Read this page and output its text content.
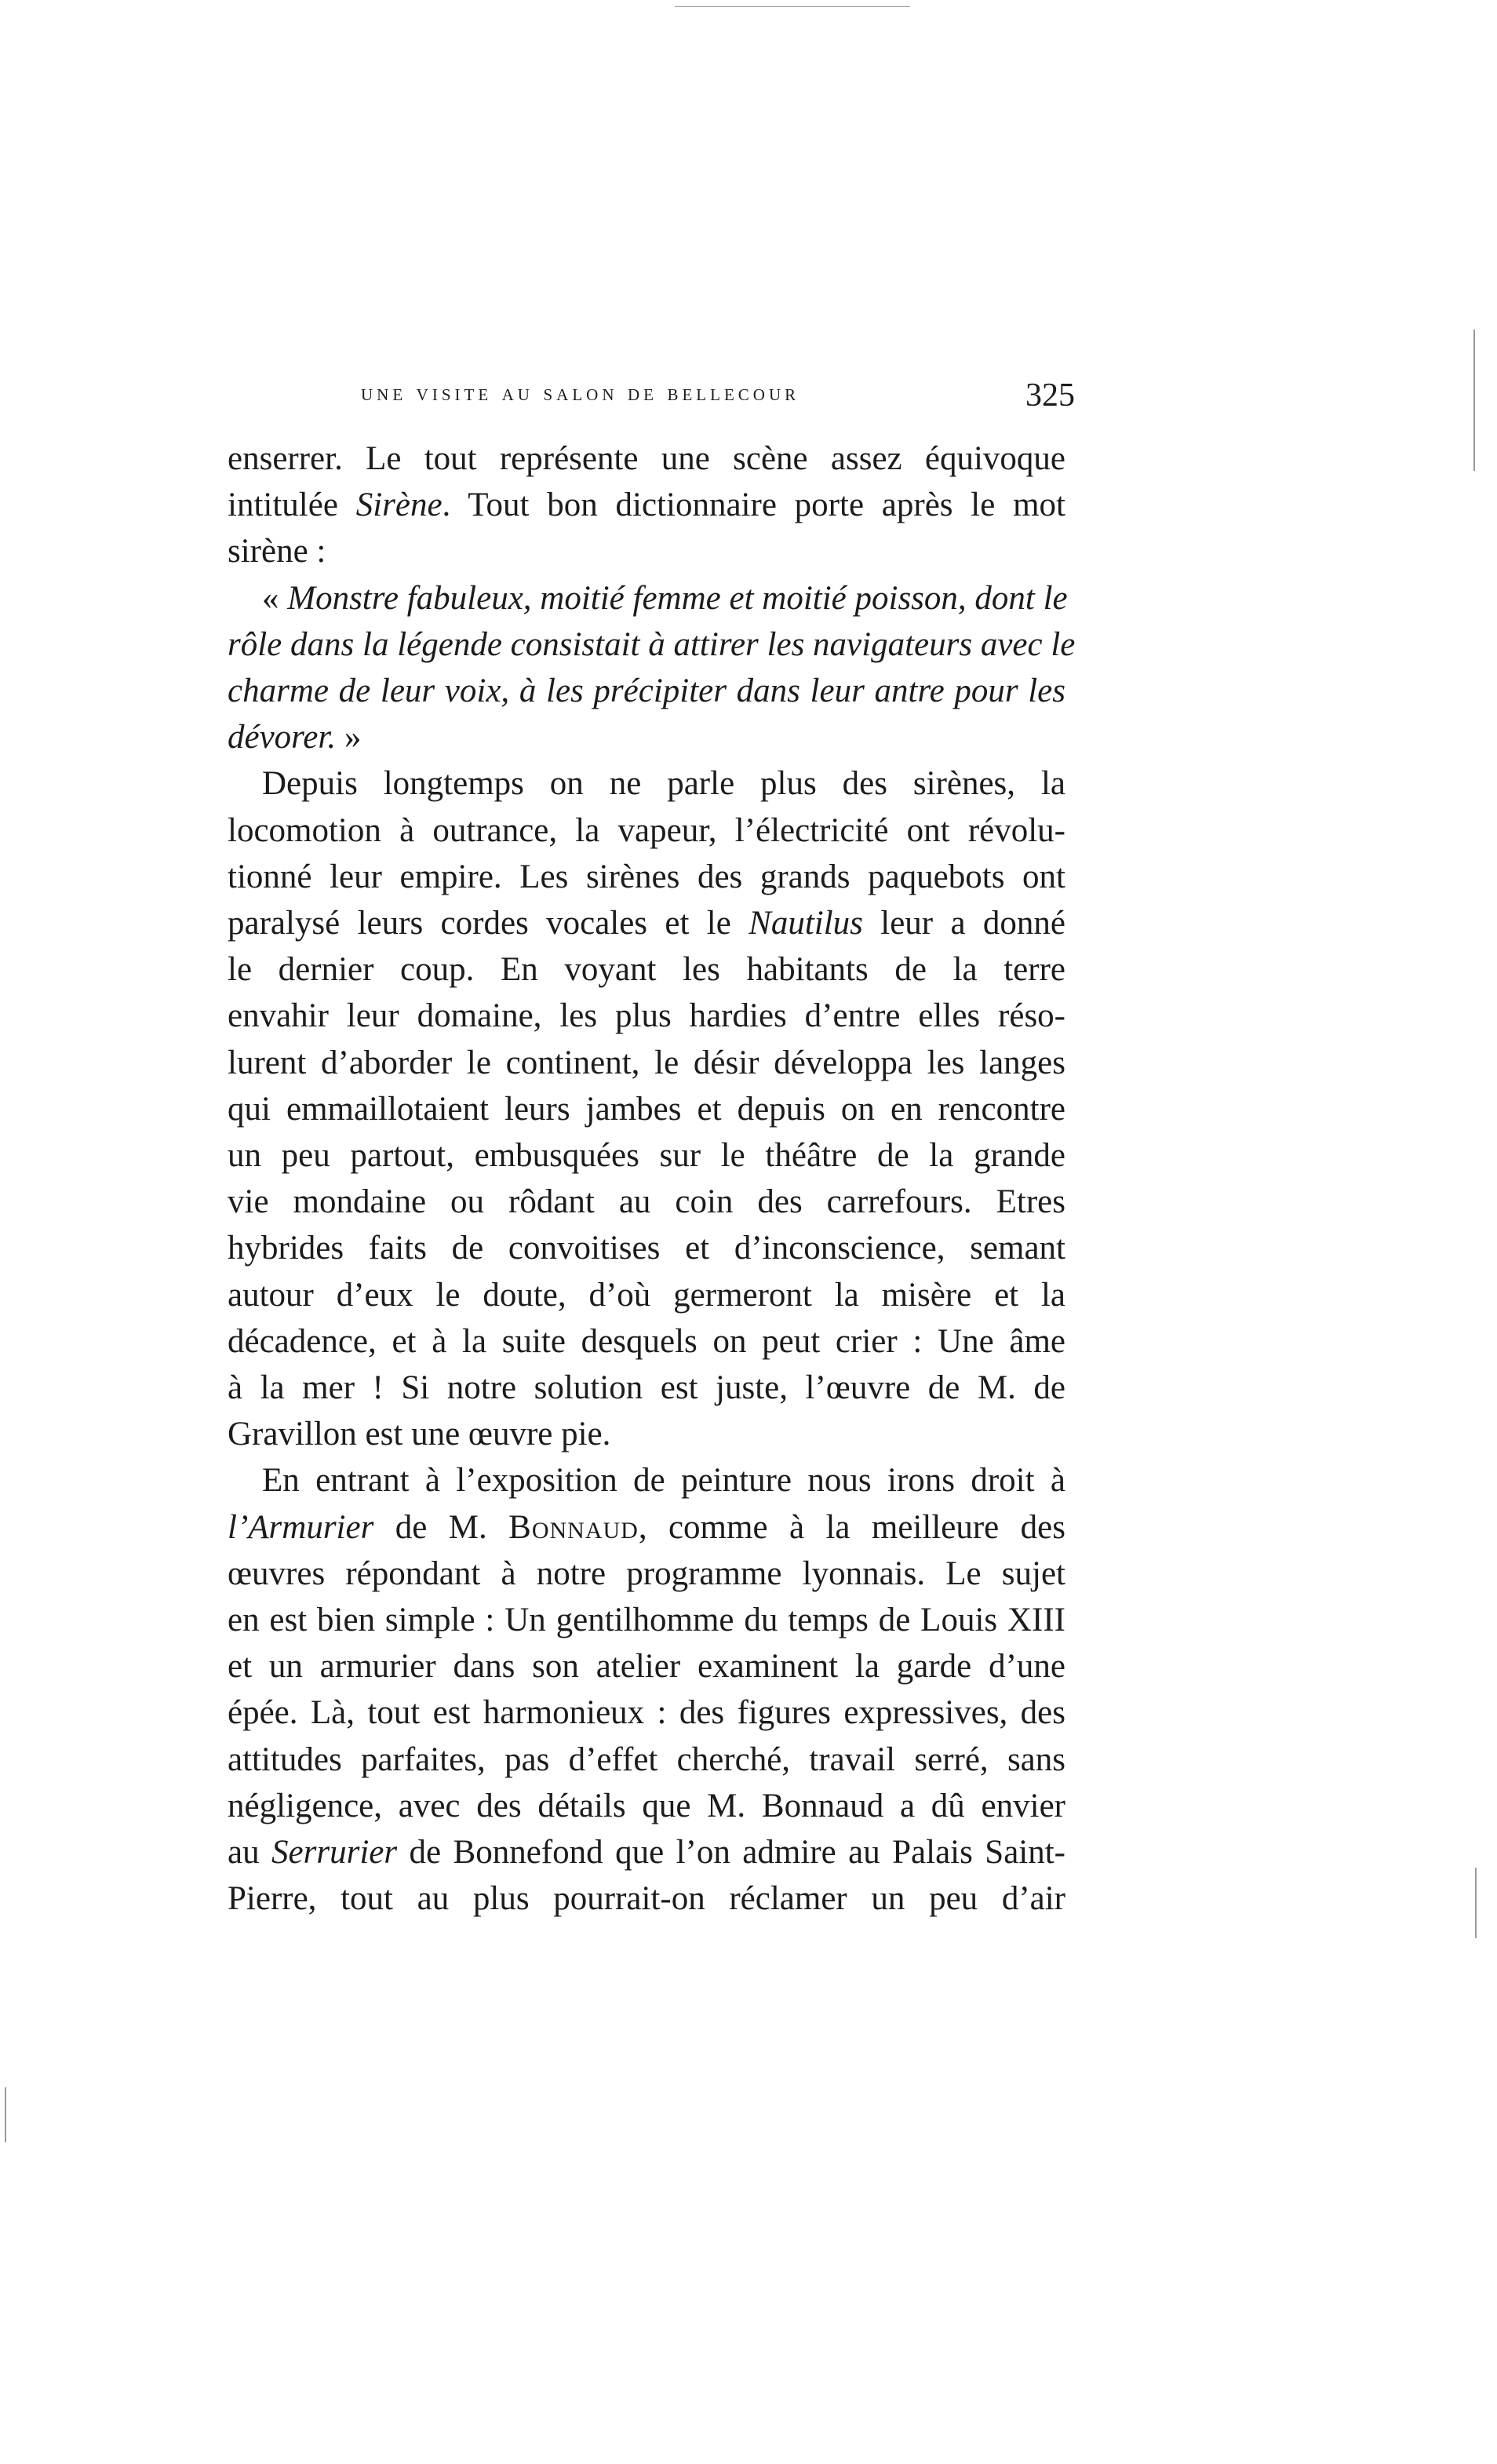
une visite au salon de bellecour	325
enserrer. Le tout représente une scène assez équivoque
intitulée Sirène. Tout bon dictionnaire porte après le mot
sirène :
« Monstre fabuleux, moitié femme et moitié poisson, dont le
rôle dans la légende consistait à attirer les navigateurs avec le
charme de leur voix, à les précipiter dans leur antre pour les
dévorer. »
Depuis longtemps on ne parle plus des sirènes, la
locomotion à outrance, la vapeur, l’électricité ont révolu-
tionné leur empire. Les sirènes des grands paquebots ont
paralysé leurs cordes vocales et le Nautilus leur a donné
le dernier coup. En voyant les habitants de la terre
envahir leur domaine, les plus hardies d’entre elles réso-
lurent d’aborder le continent, le désir développa les langes
qui emmaillotaient leurs jambes et depuis on en rencontre
un peu partout, embusquées sur le théâtre de la grande
vie mondaine ou rôdant au coin des carrefours. Etres
hybrides faits de convoitises et d’inconscience, semant
autour d’eux le doute, d’où germeront la misère et la
décadence, et à la suite desquels on peut crier : Une âme
à la mer ! Si notre solution est juste, l’œuvre de M. de
Gravillon est une œuvre pie.
En entrant à l’exposition de peinture nous irons droit à
l’Armurier de M. Bonnaud, comme à la meilleure des
œuvres répondant à notre programme lyonnais. Le sujet
en est bien simple : Un gentilhomme du temps de Louis XIII
et un armurier dans son atelier examinent la garde d’une
épée. Là, tout est harmonieux : des figures expressives, des
attitudes parfaites, pas d’effet cherché, travail serré, sans
négligence, avec des détails que M. Bonnaud a dû envier
au Serrurier de Bonnefond que l’on admire au Palais Saint-
Pierre, tout au plus pourrait-on réclamer un peu d’air
